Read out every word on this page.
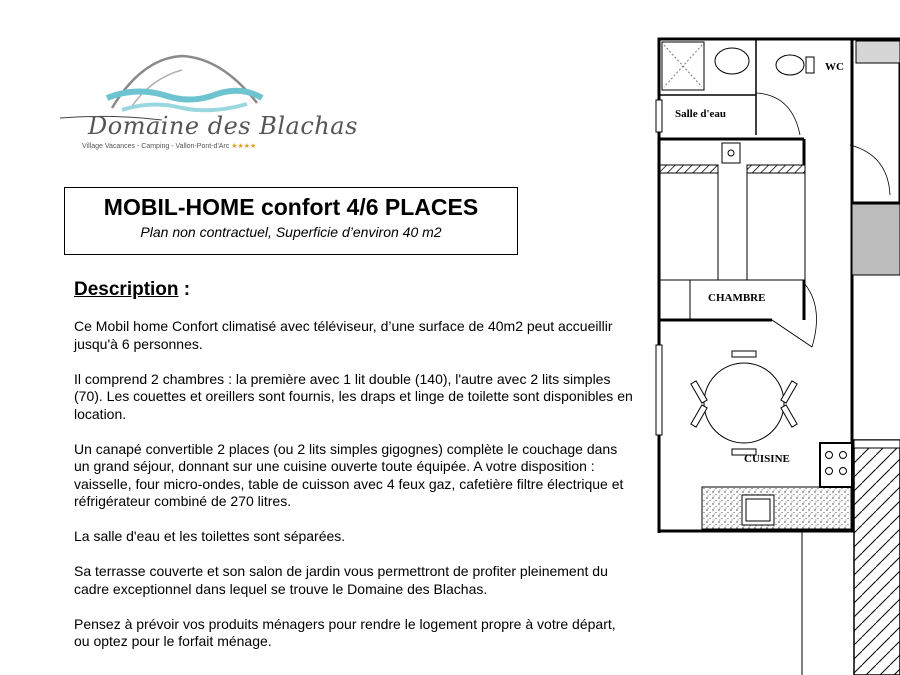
Domaine des Blachas
Village Vacances - Camping - Vallon-Pont-d'Arc ★★★★
MOBIL-HOME confort 4/6 PLACES

Plan non contractuel, Superficie d’environ 40 m2

Description :

Ce Mobil home Confort climatisé avec téléviseur, d’une surface de 40m2 peut accueillir jusqu'à 6 personnes.

Il comprend 2 chambres : la première avec 1 lit double (140), l'autre avec 2 lits simples (70). Les couettes et oreillers sont fournis, les draps et linge de toilette sont disponibles en location.

Un canapé convertible 2 places (ou 2 lits simples gigognes) complète le couchage dans un grand séjour, donnant sur une cuisine ouverte toute équipée. A votre disposition : vaisselle, four micro-ondes, table de cuisson avec 4 feux gaz, cafetière filtre électrique et réfrigérateur combiné de 270 litres.

La salle d'eau et les toilettes sont séparées.

Sa terrasse couverte et son salon de jardin vous permettront de profiter pleinement du cadre exceptionnel dans lequel se trouve le Domaine des Blachas.

Pensez à prévoir vos produits ménagers pour rendre le logement propre à votre départ, ou optez pour le forfait ménage.

WC
Salle d'eau
CHAMBRE
CUISINE
